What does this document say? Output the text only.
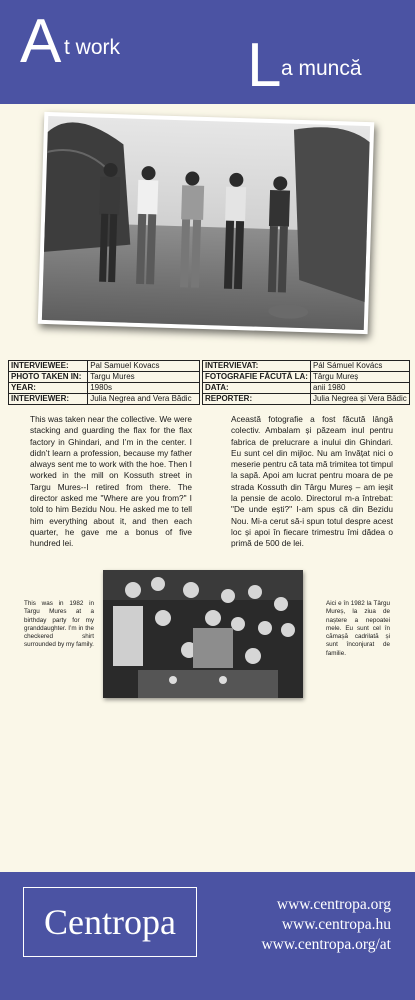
A t work L a muncă
INTERVIEWEE:	Pal Samuel Kovacs
PHOTO TAKEN IN:	Targu Mures
YEAR:	1980s
INTERVIEWER:	Julia Negrea and Vera Bădic
INTERVIEVAT:	Pál Sámuel Kovács
FOTOGRAFIE FĂCUTĂ LA:	Târgu Mureș
DATA:	anii 1980
REPORTER:	Julia Negrea și Vera Bădic
This was taken near the collective. We were stacking and guarding the flax for the flax factory in Ghindari, and I’m in the center. I didn’t learn a profession, because my father always sent me to work with the hoe. Then I worked in the mill on Kossuth street in Targu Mures--I retired from there. The director asked me "Where are you from?" I told to him Bezidu Nou. He asked me to tell him everything about it, and then each quarter, he gave me a bonus of five hundred lei.
Această fotografie a fost făcută lângă colectiv. Ambalam și păzeam inul pentru fabrica de prelucrare a inului din Ghindari. Eu sunt cel din mijloc. Nu am învățat nici o meserie pentru că tata mă trimitea tot timpul la sapă. Apoi am lucrat pentru moara de pe strada Kossuth din Târgu Mureș – am ieșit la pensie de acolo. Directorul m-a întrebat: "De unde ești?" I-am spus că din Bezidu Nou. Mi-a cerut să-i spun totul despre acest loc și apoi în fiecare trimestru îmi dădea o primă de 500 de lei.
This was in 1982 in Targu Mures at a birthday party for my granddaughter. I’m in the checkered shirt surrounded by my family.
Aici e în 1982 la Târgu Mureș, la ziua de naștere a nepoatei mele. Eu sunt cel în cămașă cadrilată și sunt înconjurat de familie.
Centropa	www.centropa.org
www.centropa.hu
www.centropa.org/at
